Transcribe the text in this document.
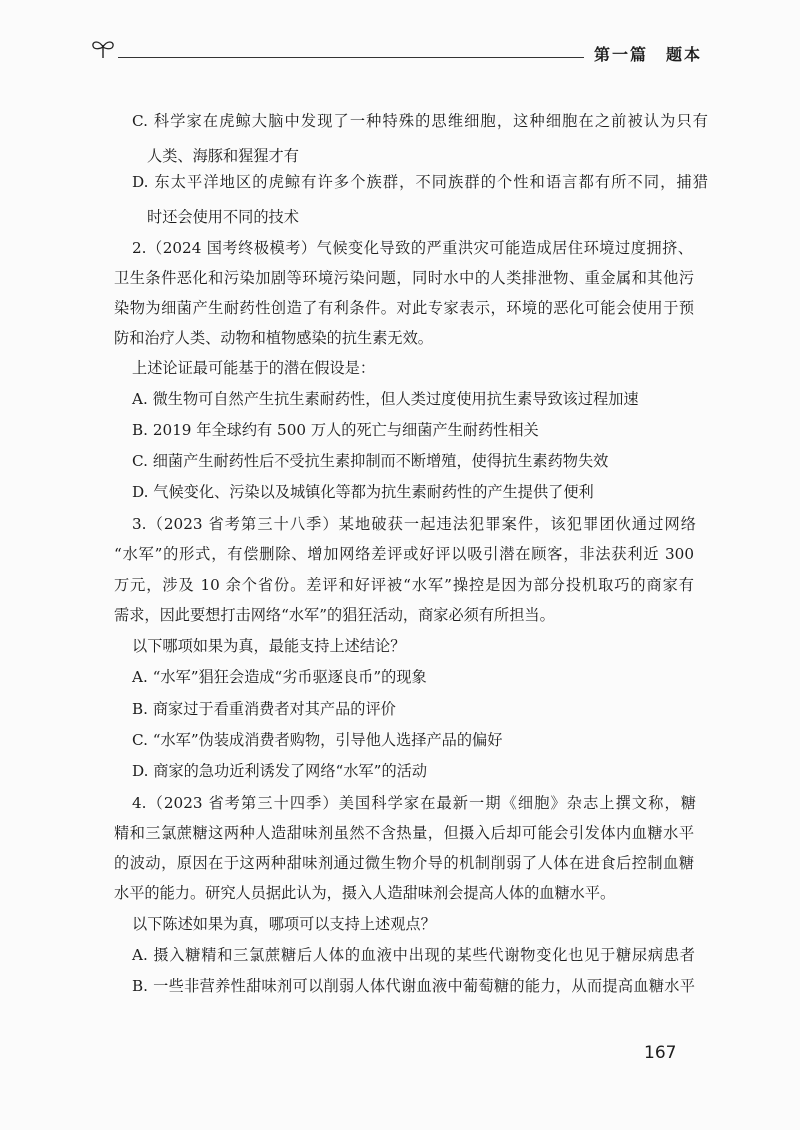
第一篇　题本
C. 科学家在虎鲸大脑中发现了一种特殊的思维细胞，这种细胞在之前被认为只有
人类、海豚和猩猩才有
D. 东太平洋地区的虎鲸有许多个族群，不同族群的个性和语言都有所不同，捕猎
时还会使用不同的技术
2.（2024 国考终极模考）气候变化导致的严重洪灾可能造成居住环境过度拥挤、
卫生条件恶化和污染加剧等环境污染问题，同时水中的人类排泄物、重金属和其他污
染物为细菌产生耐药性创造了有利条件。对此专家表示，环境的恶化可能会使用于预
防和治疗人类、动物和植物感染的抗生素无效。
上述论证最可能基于的潜在假设是：
A. 微生物可自然产生抗生素耐药性，但人类过度使用抗生素导致该过程加速
B. 2019 年全球约有 500 万人的死亡与细菌产生耐药性相关
C. 细菌产生耐药性后不受抗生素抑制而不断增殖，使得抗生素药物失效
D. 气候变化、污染以及城镇化等都为抗生素耐药性的产生提供了便利
3.（2023 省考第三十八季）某地破获一起违法犯罪案件，该犯罪团伙通过网络
“水军”的形式，有偿删除、增加网络差评或好评以吸引潜在顾客，非法获利近 300
万元，涉及 10 余个省份。差评和好评被“水军”操控是因为部分投机取巧的商家有
需求，因此要想打击网络“水军”的猖狂活动，商家必须有所担当。
以下哪项如果为真，最能支持上述结论？
A. “水军”猖狂会造成“劣币驱逐良币”的现象
B. 商家过于看重消费者对其产品的评价
C. “水军”伪装成消费者购物，引导他人选择产品的偏好
D. 商家的急功近利诱发了网络“水军”的活动
4.（2023 省考第三十四季）美国科学家在最新一期《细胞》杂志上撰文称，糖
精和三氯蔗糖这两种人造甜味剂虽然不含热量，但摄入后却可能会引发体内血糖水平
的波动，原因在于这两种甜味剂通过微生物介导的机制削弱了人体在进食后控制血糖
水平的能力。研究人员据此认为，摄入人造甜味剂会提高人体的血糖水平。
以下陈述如果为真，哪项可以支持上述观点？
A. 摄入糖精和三氯蔗糖后人体的血液中出现的某些代谢物变化也见于糖尿病患者
B. 一些非营养性甜味剂可以削弱人体代谢血液中葡萄糖的能力，从而提高血糖水平
167
